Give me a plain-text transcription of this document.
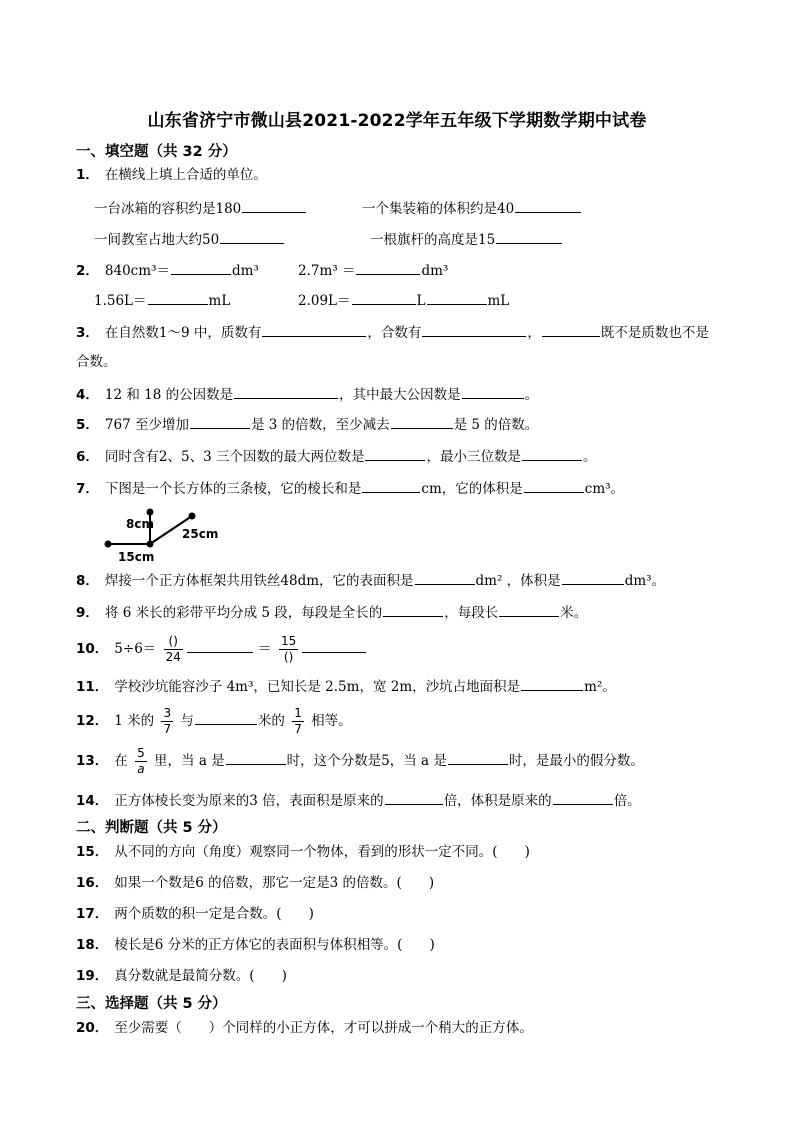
山东省济宁市微山县2021-2022学年五年级下学期数学期中试卷
一、填空题（共 32 分）
1． 在横线上填上合适的单位。
一台冰箱的容积约是180	一个集装箱的体积约是40
一间教室占地大约50	一根旗杆的高度是15
2． 840cm³＝	dm³	2.7m³ ＝	dm³
1.56L＝	mL	2.09L＝	L	mL
3． 在自然数1～9 中，质数有	，合数有	，	既不是质数也不是
合数。
4． 12 和 18 的公因数是	，其中最大公因数是	。
5． 767 至少增加	是 3 的倍数，至少减去	是 5 的倍数。
6． 同时含有2、5、3 三个因数的最大两位数是	，最小三位数是	。
7． 下图是一个长方体的三条棱，它的棱长和是	cm，它的体积是	cm³。
8cm
25cm
15cm
8． 焊接一个正方体框架共用铁丝48dm，它的表面积是	dm² ，体积是	dm³。
9． 将 6 米长的彩带平均分成 5 段，每段是全长的	，每段长	米。
10． $5\div 6= \frac{()}{24}$	＝ $\frac{15}{()}$
11． 学校沙坑能容沙子 4m³，已知长是 2.5m，宽 2m，沙坑占地面积是	m²。
12． 1 米的 $\frac{3}{7}$ 与	米的 $\frac{1}{7}$ 相等。
13． 在 $\frac{5}{a}$ 里，当 a 是	时，这个分数是5，当 a 是	时，是最小的假分数。
14． 正方体棱长变为原来的3 倍，表面积是原来的	倍，体积是原来的	倍。
二、判断题（共 5 分）
15． 从不同的方向（角度）观察同一个物体，看到的形状一定不同。(　　)
16． 如果一个数是6 的倍数，那它一定是3 的倍数。(　　)
17． 两个质数的积一定是合数。(　　)
18． 棱长是6 分米的正方体它的表面积与体积相等。(　　)
19． 真分数就是最简分数。(　　)
三、选择题（共 5 分）
20． 至少需要（　　）个同样的小正方体，才可以拼成一个稍大的正方体。
